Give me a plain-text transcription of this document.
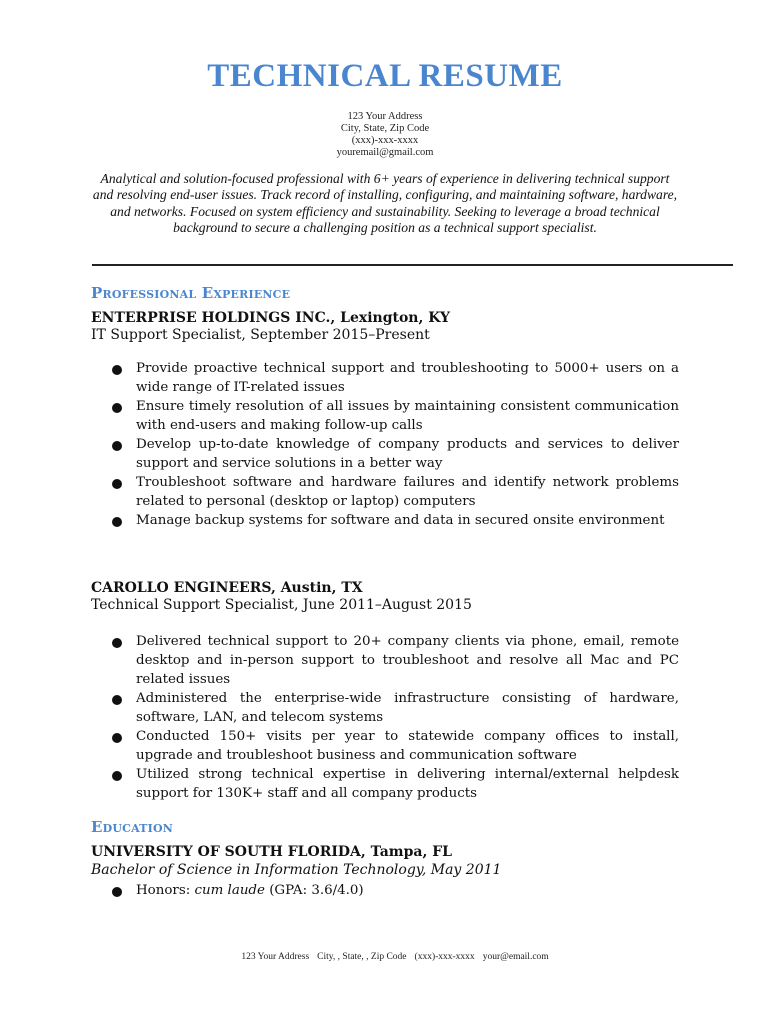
TECHNICAL RESUME
123 Your Address
City, State, Zip Code
(xxx)-xxx-xxxx
youremail@gmail.com

Analytical and solution-focused professional with 6+ years of experience in delivering technical support and resolving end-user issues. Track record of installing, configuring, and maintaining software, hardware, and networks. Focused on system efficiency and sustainability. Seeking to leverage a broad technical background to secure a challenging position as a technical support specialist.

Professional Experience
ENTERPRISE HOLDINGS INC., Lexington, KY
IT Support Specialist, September 2015–Present
Provide proactive technical support and troubleshooting to 5000+ users on a wide range of IT-related issues
Ensure timely resolution of all issues by maintaining consistent communication with end-users and making follow-up calls
Develop up-to-date knowledge of company products and services to deliver support and service solutions in a better way
Troubleshoot software and hardware failures and identify network problems related to personal (desktop or laptop) computers
Manage backup systems for software and data in secured onsite environment
CAROLLO ENGINEERS, Austin, TX
Technical Support Specialist, June 2011–August 2015
Delivered technical support to 20+ company clients via phone, email, remote desktop and in-person support to troubleshoot and resolve all Mac and PC related issues
Administered the enterprise-wide infrastructure consisting of hardware, software, LAN, and telecom systems
Conducted 150+ visits per year to statewide company offices to install, upgrade and troubleshoot business and communication software
Utilized strong technical expertise in delivering internal/external helpdesk support for 130K+ staff and all company products
Education
UNIVERSITY OF SOUTH FLORIDA, Tampa, FL
Bachelor of Science in Information Technology, May 2011
Honors: cum laude (GPA: 3.6/4.0)
123 Your Address City, , State, , Zip Code (xxx)-xxx-xxxx your@email.com
